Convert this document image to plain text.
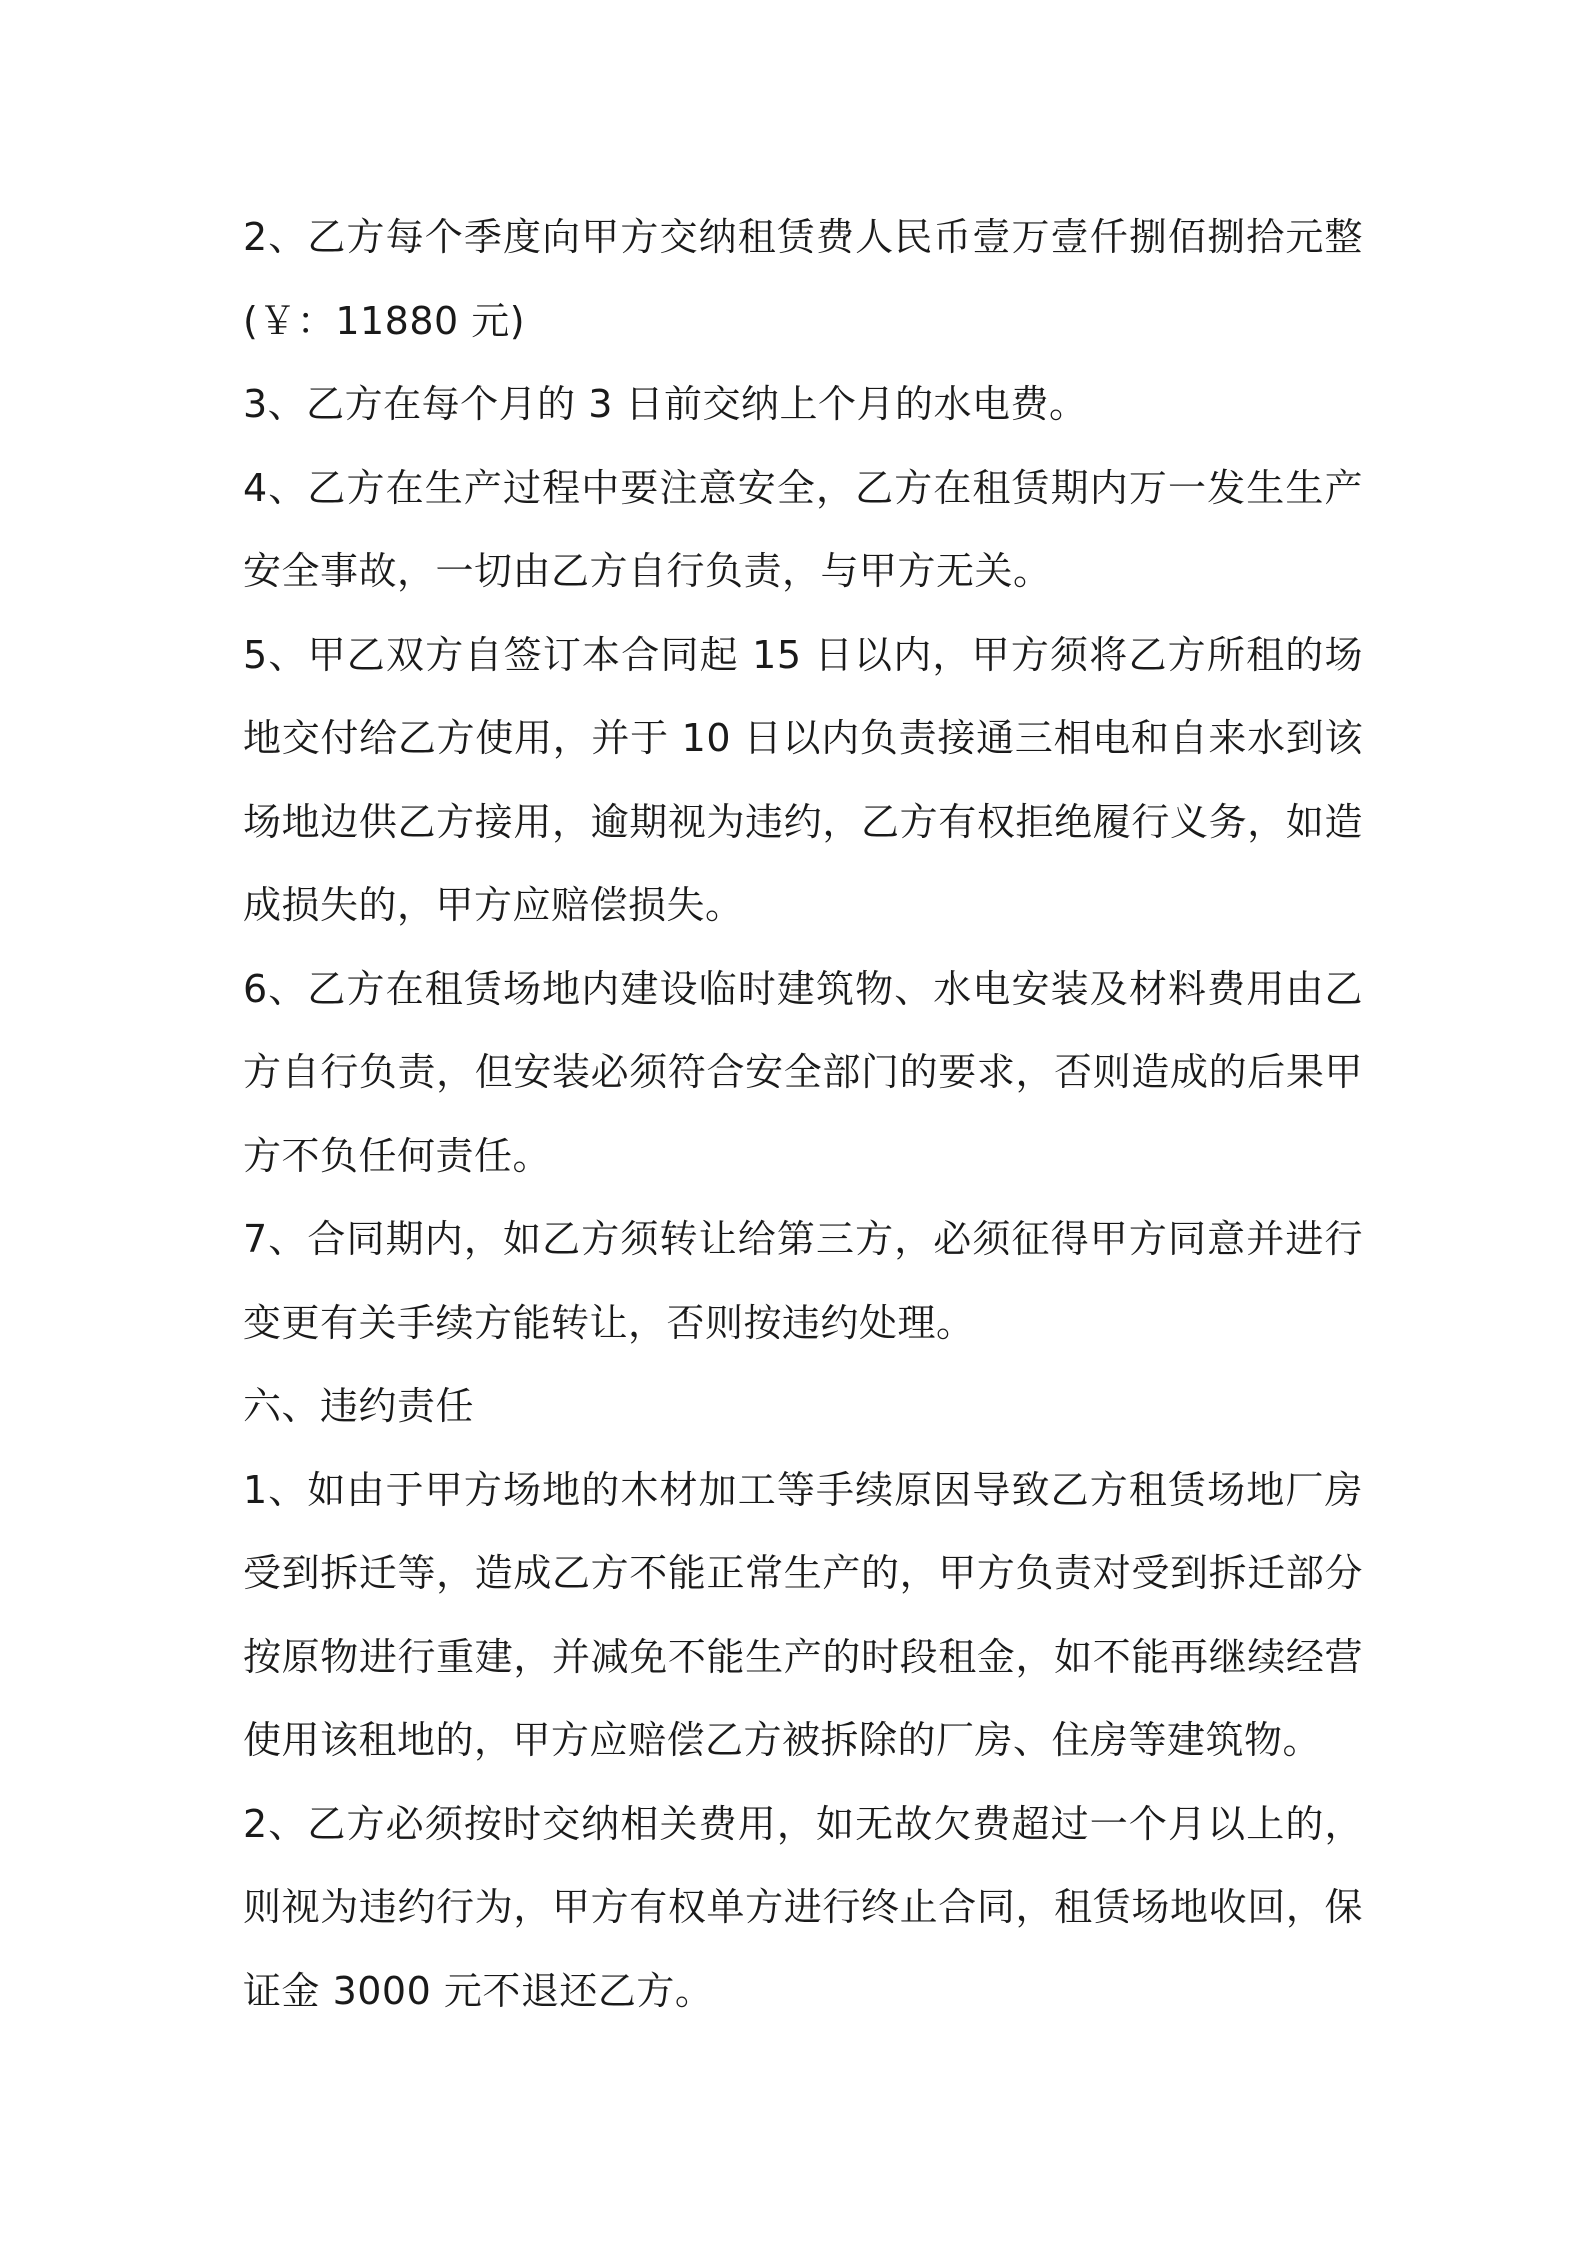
2、乙方每个季度向甲方交纳租赁费人民币壹万壹仟捌佰捌拾元整(￥：11880 元)

3、乙方在每个月的 3 日前交纳上个月的水电费。

4、乙方在生产过程中要注意安全，乙方在租赁期内万一发生生产安全事故，一切由乙方自行负责，与甲方无关。

5、甲乙双方自签订本合同起 15 日以内，甲方须将乙方所租的场地交付给乙方使用，并于 10 日以内负责接通三相电和自来水到该场地边供乙方接用，逾期视为违约，乙方有权拒绝履行义务，如造成损失的，甲方应赔偿损失。

6、乙方在租赁场地内建设临时建筑物、水电安装及材料费用由乙方自行负责，但安装必须符合安全部门的要求，否则造成的后果甲方不负任何责任。

7、合同期内，如乙方须转让给第三方，必须征得甲方同意并进行变更有关手续方能转让，否则按违约处理。

六、违约责任

1、如由于甲方场地的木材加工等手续原因导致乙方租赁场地厂房受到拆迁等，造成乙方不能正常生产的，甲方负责对受到拆迁部分按原物进行重建，并减免不能生产的时段租金，如不能再继续经营使用该租地的，甲方应赔偿乙方被拆除的厂房、住房等建筑物。

2、乙方必须按时交纳相关费用，如无故欠费超过一个月以上的，则视为违约行为，甲方有权单方进行终止合同，租赁场地收回，保证金 3000 元不退还乙方。
